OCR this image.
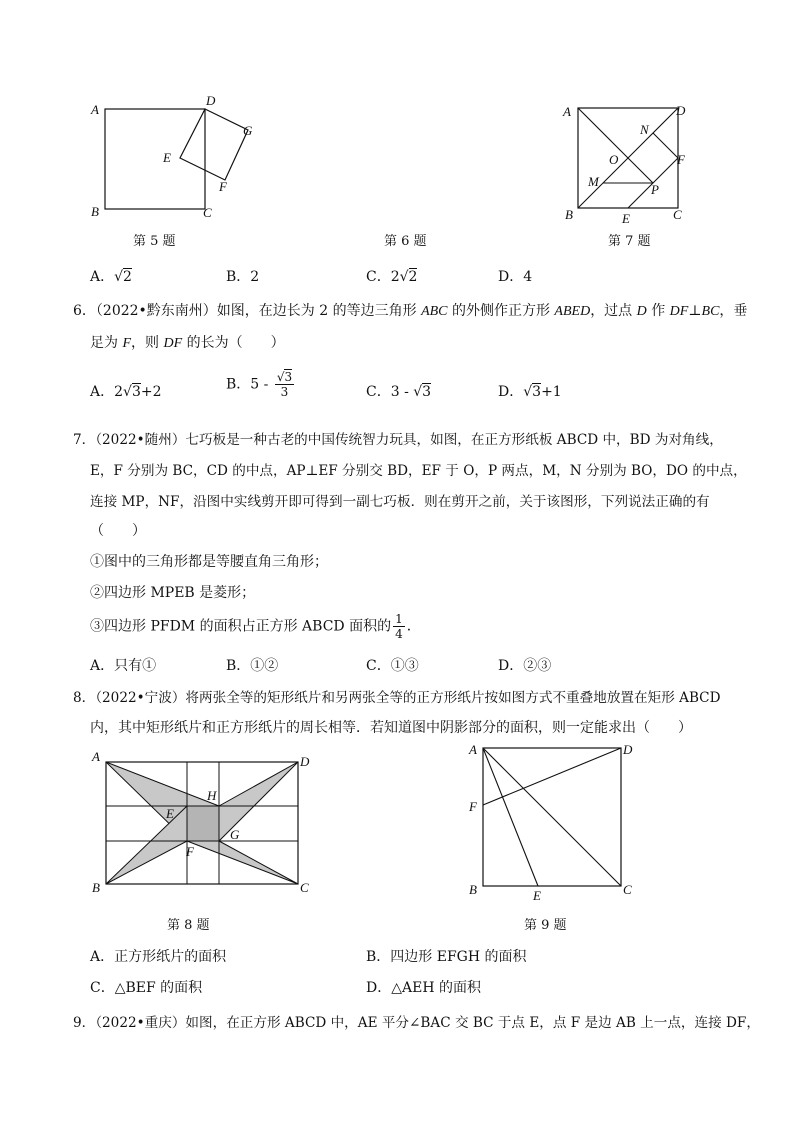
A
B	C
D
E
F
G
第 5 题	第 6 题
A
B	C
D
E
F
M
N
O
P
第 7 题
A．√2	B．2	C．2√2	D．4
6．（2022•黔东南州）如图，在边长为 2 的等边三角形 ABC 的外侧作正方形 ABED，过点 D 作 DF⊥BC，垂
足为 F，则 DF 的长为（　　）
A．2√3+2	B．$5 - \frac{√3}{3}$	C．3 - √3	D．√3+1
7．（2022•随州）七巧板是一种古老的中国传统智力玩具，如图，在正方形纸板 ABCD 中，BD 为对角线，
E，F 分别为 BC，CD 的中点，AP⊥EF 分别交 BD，EF 于 O，P 两点，M，N 分别为 BO，DO 的中点，
连接 MP，NF，沿图中实线剪开即可得到一副七巧板．则在剪开之前，关于该图形，下列说法正确的有
（　　）
①图中的三角形都是等腰直角三角形；
②四边形 MPEB 是菱形；
③四边形 PFDM 的面积占正方形 ABCD 面积的 $\frac{1}{4}$ ．
A．只有①	B．①②	C．①③	D．②③
8．（2022•宁波）将两张全等的矩形纸片和另两张全等的正方形纸片按如图方式不重叠地放置在矩形 ABCD
内，其中矩形纸片和正方形纸片的周长相等．若知道图中阴影部分的面积，则一定能求出（　　）
A
B	C
D
E
F
G
H
第 8 题
A
B	C
D
E
F
第 9 题
A．正方形纸片的面积	B．四边形 EFGH 的面积
C．△BEF 的面积	D．△AEH 的面积
9．（2022•重庆）如图，在正方形 ABCD 中，AE 平分∠BAC 交 BC 于点 E，点 F 是边 AB 上一点，连接 DF，
